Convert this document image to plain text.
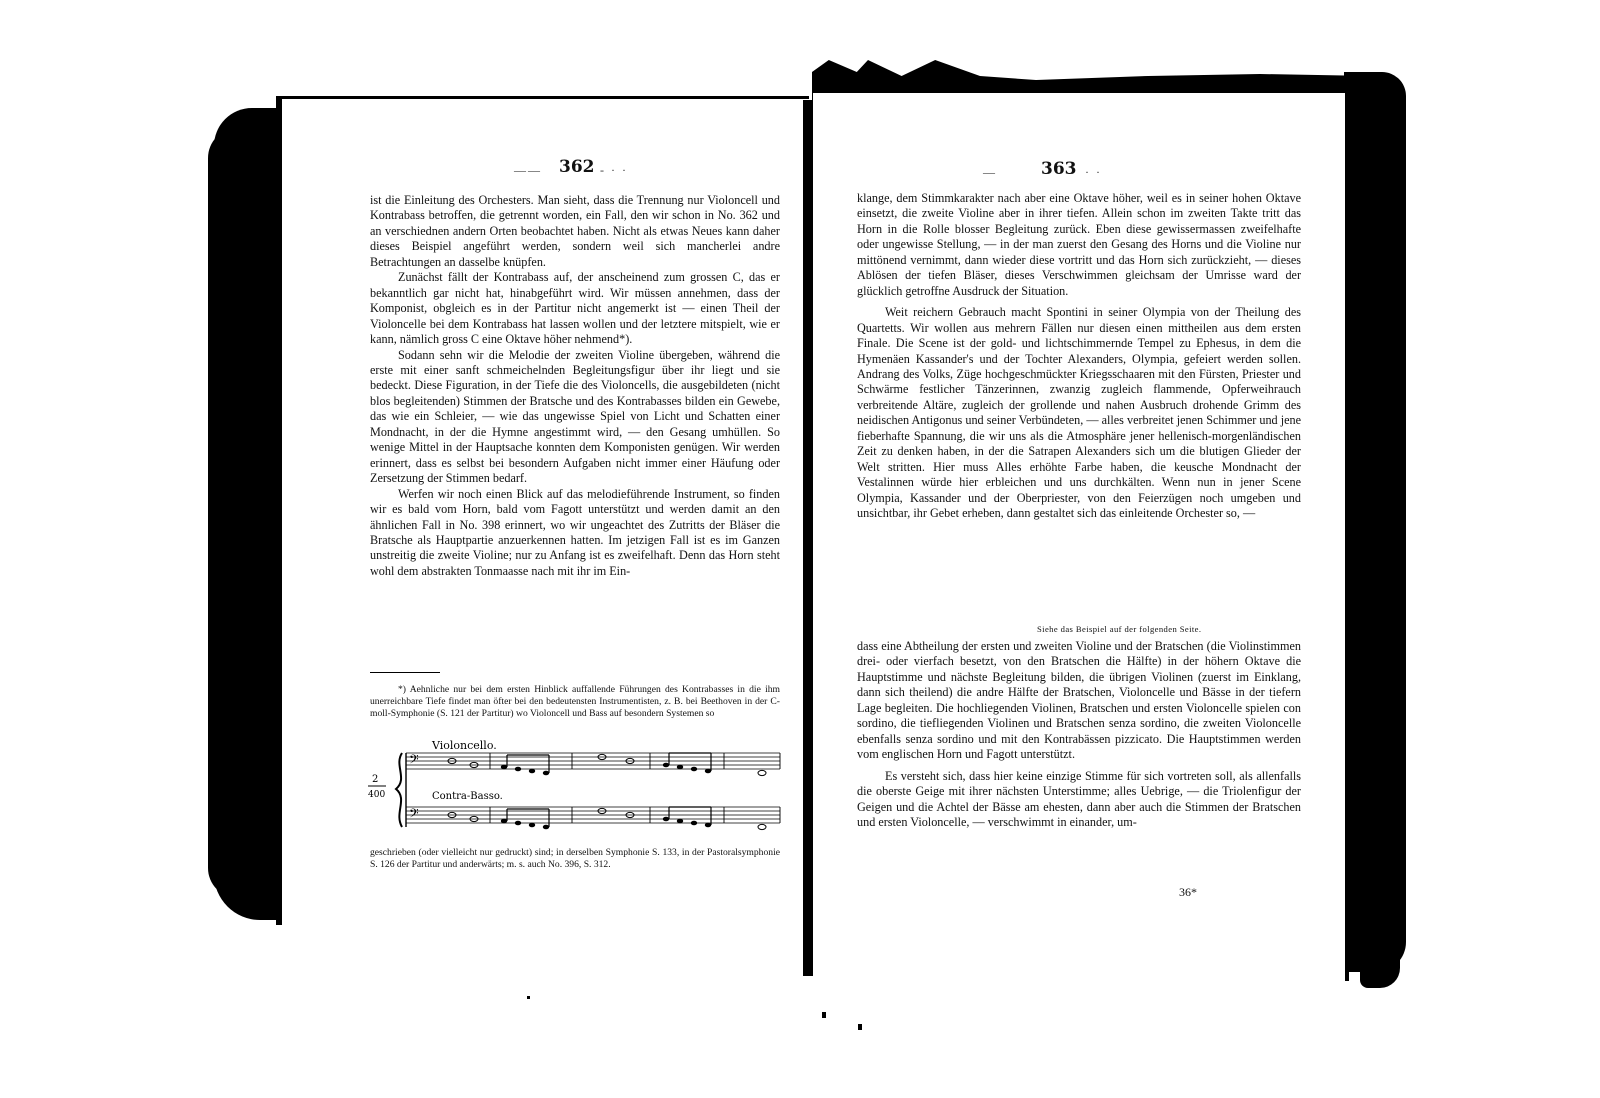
—— 362 - · ·

ist die Einleitung des Orchesters. Man sieht, dass die Trennung nur Violoncell und Kontrabass betroffen, die getrennt worden, ein Fall, den wir schon in No. 362 und an verschiednen andern Orten beobachtet haben. Nicht als etwas Neues kann daher dieses Beispiel angeführt werden, sondern weil sich mancherlei andre Betrachtungen an dasselbe knüpfen.

Zunächst fällt der Kontrabass auf, der anscheinend zum grossen C, das er bekanntlich gar nicht hat, hinabgeführt wird. Wir müssen annehmen, dass der Komponist, obgleich es in der Partitur nicht angemerkt ist — einen Theil der Violoncelle bei dem Kontrabass hat lassen wollen und der letztere mitspielt, wie er kann, nämlich gross C eine Oktave höher nehmend*).

Sodann sehn wir die Melodie der zweiten Violine übergeben, während die erste mit einer sanft schmeichelnden Begleitungsfigur über ihr liegt und sie bedeckt. Diese Figuration, in der Tiefe die des Violoncells, die ausgebildeten (nicht blos begleitenden) Stimmen der Bratsche und des Kontrabasses bilden ein Gewebe, das wie ein Schleier, — wie das ungewisse Spiel von Licht und Schatten einer Mondnacht, in der die Hymne angestimmt wird, — den Gesang umhüllen. So wenige Mittel in der Hauptsache konnten dem Komponisten genügen. Wir werden erinnert, dass es selbst bei besondern Aufgaben nicht immer einer Häufung oder Zersetzung der Stimmen bedarf.

Werfen wir noch einen Blick auf das melodieführende Instrument, so finden wir es bald vom Horn, bald vom Fagott unterstützt und werden damit an den ähnlichen Fall in No. 398 erinnert, wo wir ungeachtet des Zutritts der Bläser die Bratsche als Hauptpartie anzuerkennen hatten. Im jetzigen Fall ist es im Ganzen unstreitig die zweite Violine; nur zu Anfang ist es zweifelhaft. Denn das Horn steht wohl dem abstrakten Tonmaasse nach mit ihr im Ein-

*) Aehnliche nur bei dem ersten Hinblick auffallende Führungen des Kontrabasses in die ihm unerreichbare Tiefe findet man öfter bei den bedeutensten Instrumentisten, z. B. bei Beethoven in der C-moll-Symphonie (S. 121 der Partitur) wo Violoncell und Bass auf besondern Systemen so

Violoncello.
Contra-Basso.
2
400
𝄢
𝄢

geschrieben (oder vielleicht nur gedruckt) sind; in derselben Symphonie S. 133, in der Pastoralsymphonie S. 126 der Partitur und anderwärts; m. s. auch No. 396, S. 312.

—	363 · ·

klange, dem Stimmkarakter nach aber eine Oktave höher, weil es in seiner hohen Oktave einsetzt, die zweite Violine aber in ihrer tiefen. Allein schon im zweiten Takte tritt das Horn in die Rolle blosser Begleitung zurück. Eben diese gewissermassen zweifelhafte oder ungewisse Stellung, — in der man zuerst den Gesang des Horns und die Violine nur mittönend vernimmt, dann wieder diese vortritt und das Horn sich zurückzieht, — dieses Ablösen der tiefen Bläser, dieses Verschwimmen gleichsam der Umrisse ward der glücklich getroffne Ausdruck der Situation.

Weit reichern Gebrauch macht Spontini in seiner Olympia von der Theilung des Quartetts. Wir wollen aus mehrern Fällen nur diesen einen mittheilen aus dem ersten Finale. Die Scene ist der gold- und lichtschimmernde Tempel zu Ephesus, in dem die Hymenäen Kassander's und der Tochter Alexanders, Olympia, gefeiert werden sollen. Andrang des Volks, Züge hochgeschmückter Kriegsschaaren mit den Fürsten, Priester und Schwärme festlicher Tänzerinnen, zwanzig zugleich flammende, Opferweihrauch verbreitende Altäre, zugleich der grollende und nahen Ausbruch drohende Grimm des neidischen Antigonus und seiner Verbündeten, — alles verbreitet jenen Schimmer und jene fieberhafte Spannung, die wir uns als die Atmosphäre jener hellenisch-morgenländischen Zeit zu denken haben, in der die Satrapen Alexanders sich um die blutigen Glieder der Welt stritten. Hier muss Alles erhöhte Farbe haben, die keusche Mondnacht der Vestalinnen würde hier erbleichen und uns durchkälten. Wenn nun in jener Scene Olympia, Kassander und der Oberpriester, von den Feierzügen noch umgeben und unsichtbar, ihr Gebet erheben, dann gestaltet sich das einleitende Orchester so, —

Siehe das Beispiel auf der folgenden Seite.

dass eine Abtheilung der ersten und zweiten Violine und der Bratschen (die Violinstimmen drei- oder vierfach besetzt, von den Bratschen die Hälfte) in der höhern Oktave die Hauptstimme und nächste Begleitung bilden, die übrigen Violinen (zuerst im Einklang, dann sich theilend) die andre Hälfte der Bratschen, Violoncelle und Bässe in der tiefern Lage begleiten. Die hochliegenden Violinen, Bratschen und ersten Violoncelle spielen con sordino, die tiefliegenden Violinen und Bratschen senza sordino, die zweiten Violoncelle ebenfalls senza sordino und mit den Kontrabässen pizzicato. Die Hauptstimmen werden vom englischen Horn und Fagott unterstützt.

Es versteht sich, dass hier keine einzige Stimme für sich vortreten soll, als allenfalls die oberste Geige mit ihrer nächsten Unterstimme; alles Uebrige, — die Triolenfigur der Geigen und die Achtel der Bässe am ehesten, dann aber auch die Stimmen der Bratschen und ersten Violoncelle, — verschwimmt in einander, um-

36*
